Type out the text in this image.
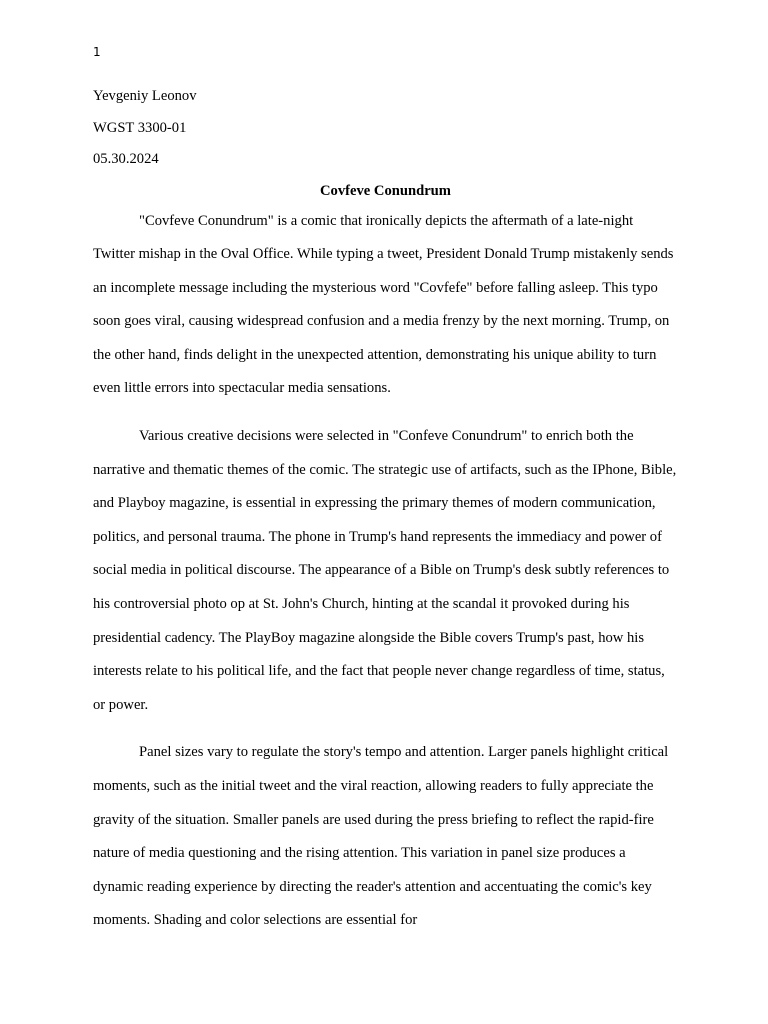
1
Yevgeniy Leonov
WGST 3300-01
05.30.2024
Covfeve Conundrum

"Covfeve Conundrum" is a comic that ironically depicts the aftermath of a late-night Twitter mishap in the Oval Office. While typing a tweet, President Donald Trump mistakenly sends an incomplete message including the mysterious word "Covfefe" before falling asleep. This typo soon goes viral, causing widespread confusion and a media frenzy by the next morning. Trump, on the other hand, finds delight in the unexpected attention, demonstrating his unique ability to turn even little errors into spectacular media sensations.

Various creative decisions were selected in "Confeve Conundrum" to enrich both the narrative and thematic themes of the comic. The strategic use of artifacts, such as the IPhone, Bible, and Playboy magazine, is essential in expressing the primary themes of modern communication, politics, and personal trauma. The phone in Trump's hand represents the immediacy and power of social media in political discourse. The appearance of a Bible on Trump's desk subtly references to his controversial photo op at St. John's Church, hinting at the scandal it provoked during his presidential cadency. The PlayBoy magazine alongside the Bible covers Trump's past, how his interests relate to his political life, and the fact that people never change regardless of time, status, or power.

Panel sizes vary to regulate the story's tempo and attention. Larger panels highlight critical moments, such as the initial tweet and the viral reaction, allowing readers to fully appreciate the gravity of the situation. Smaller panels are used during the press briefing to reflect the rapid-fire nature of media questioning and the rising attention. This variation in panel size produces a dynamic reading experience by directing the reader's attention and accentuating the comic's key moments. Shading and color selections are essential for
